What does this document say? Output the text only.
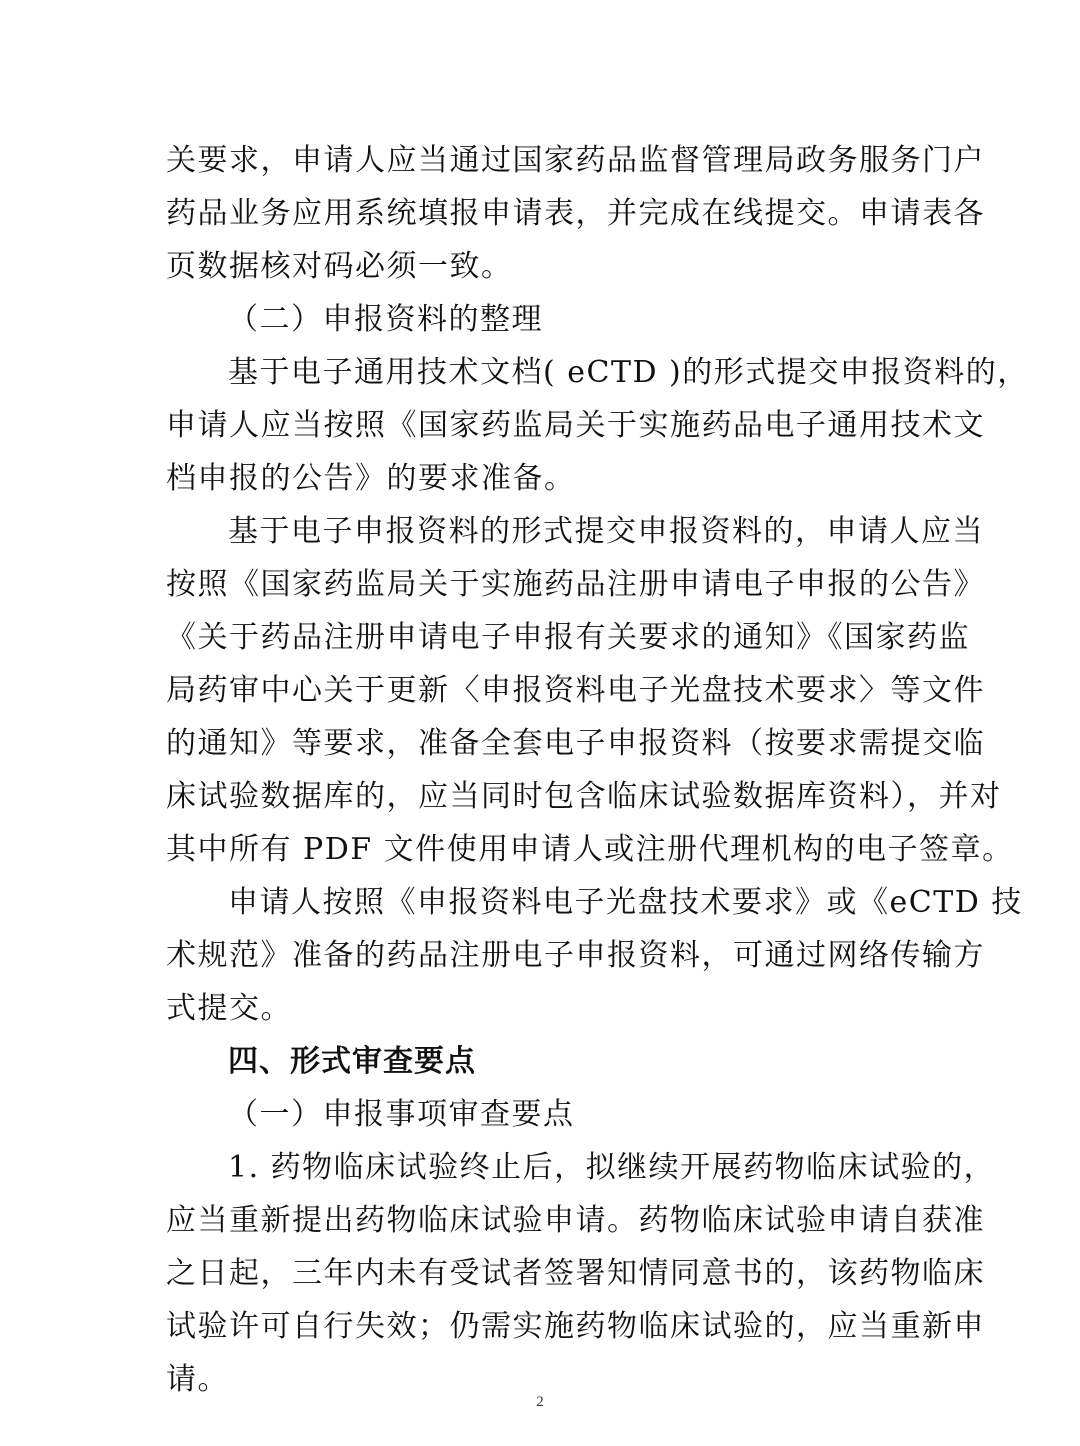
关要求，申请人应当通过国家药品监督管理局政务服务门户
药品业务应用系统填报申请表，并完成在线提交。申请表各
页数据核对码必须一致。
（二）申报资料的整理
基于电子通用技术文档( eCTD )的形式提交申报资料的，
申请人应当按照《国家药监局关于实施药品电子通用技术文
档申报的公告》的要求准备。
基于电子申报资料的形式提交申报资料的，申请人应当
按照《国家药监局关于实施药品注册申请电子申报的公告》
《关于药品注册申请电子申报有关要求的通知》《国家药监
局药审中心关于更新〈申报资料电子光盘技术要求〉等文件
的通知》等要求，准备全套电子申报资料（按要求需提交临
床试验数据库的，应当同时包含临床试验数据库资料），并对
其中所有 PDF 文件使用申请人或注册代理机构的电子签章。
申请人按照《申报资料电子光盘技术要求》或《eCTD 技
术规范》准备的药品注册电子申报资料，可通过网络传输方
式提交。
四、形式审查要点
（一）申报事项审查要点
1. 药物临床试验终止后，拟继续开展药物临床试验的，
应当重新提出药物临床试验申请。药物临床试验申请自获准
之日起，三年内未有受试者签署知情同意书的，该药物临床
试验许可自行失效；仍需实施药物临床试验的，应当重新申
请。
2
